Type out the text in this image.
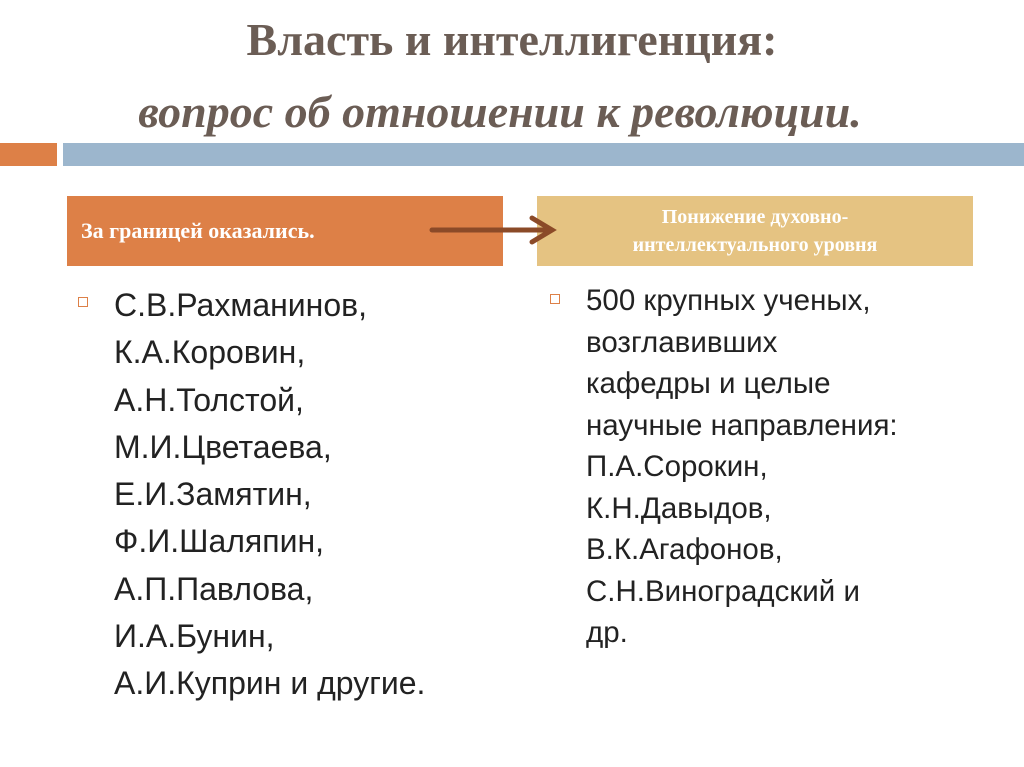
Власть и интеллигенция:
вопрос об отношении к революции.
За границей оказались.
Понижение духовно-
интеллектуального уровня
С.В.Рахманинов,
К.А.Коровин,
А.Н.Толстой,
М.И.Цветаева,
Е.И.Замятин,
Ф.И.Шаляпин,
А.П.Павлова,
И.А.Бунин,
А.И.Куприн и другие.
500 крупных ученых,
возглавивших
кафедры и целые
научные направления:
П.А.Сорокин,
К.Н.Давыдов,
В.К.Агафонов,
С.Н.Виноградский и
др.
